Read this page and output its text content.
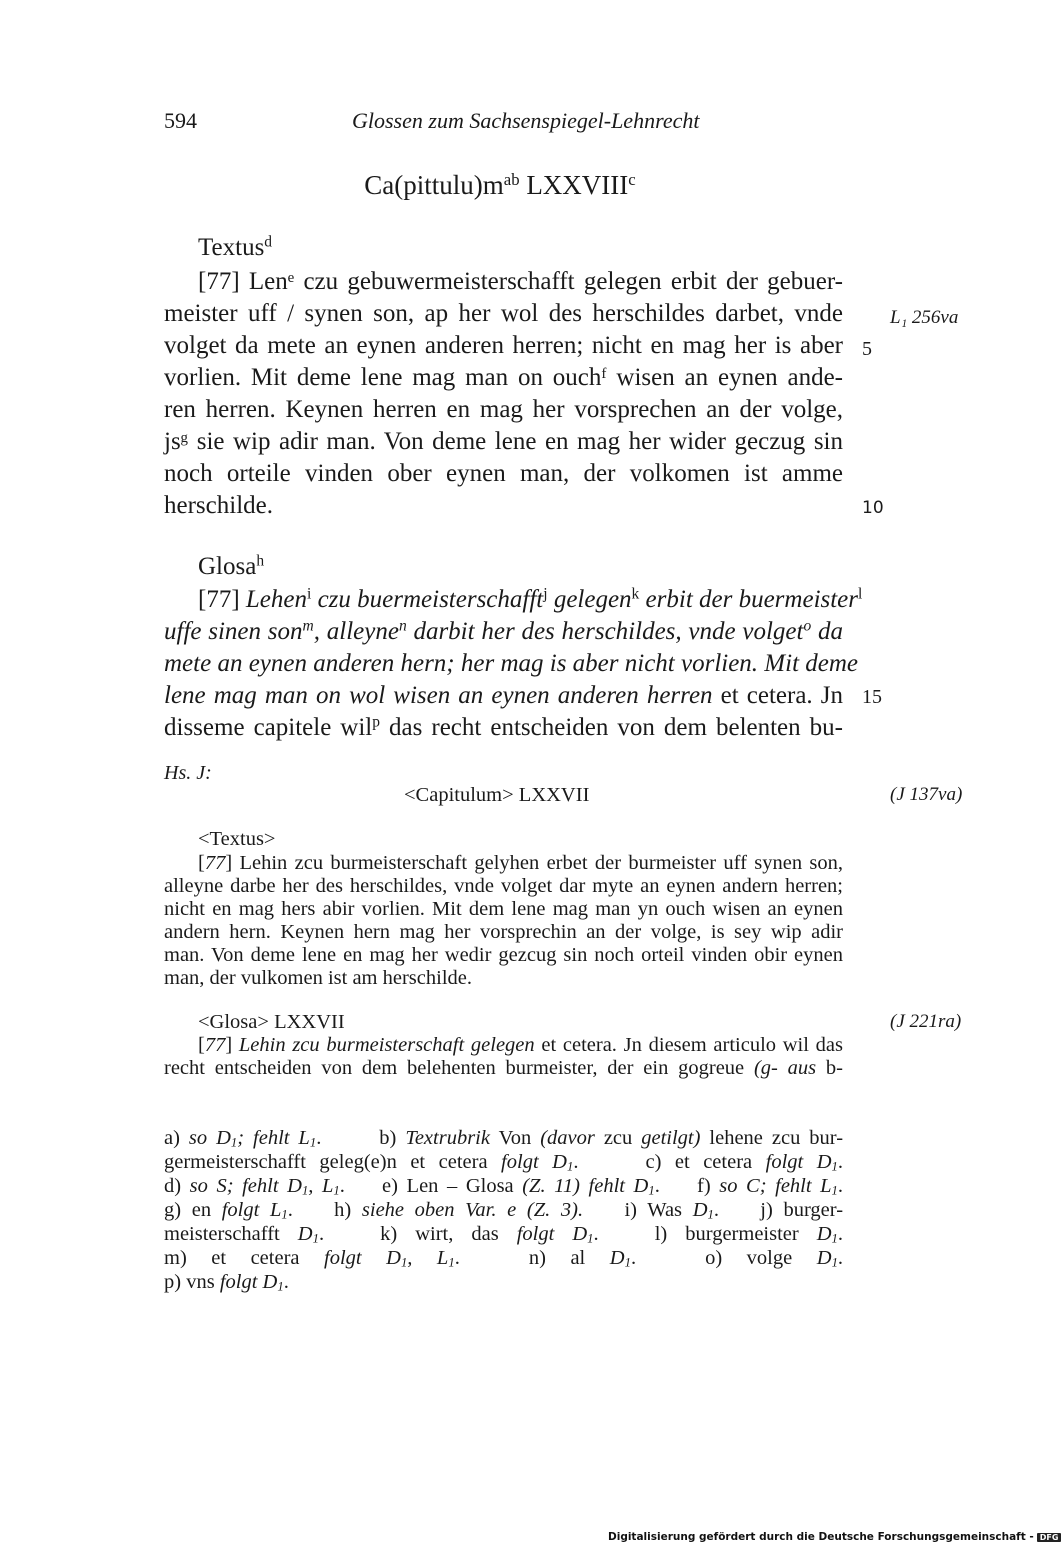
594	Glossen zum Sachsenspiegel-Lehnrecht
$Ca(pittulu)m^{ab}$ LXXVIII$^c$
Textus$^d$
[77] Lenᵉ czu gebuwermeisterschafft gelegen erbit der gebuer-
meister uff / synen son, ap her wol des herschildes darbet, vnde
volget da mete an eynen anderen herren; nicht en mag her is aber
vorlien. Mit deme lene mag man on ouchᶠ wisen an eynen ande-
ren herren. Keynen herren en mag her vorsprechen an der volge,
jsᵍ sie wip adir man. Von deme lene en mag her wider geczug sin
noch orteile vinden ober eynen man, der volkomen ist amme
herschilde.
L₁ 256va
5
10
Glosa$^h$
[77] Lehen$^i$ czu buermeisterschafft$^j$ gelegen$^k$ erbit der buermeister$^l$
uffe sinen son$^m$, alleyne$^n$ darbit her des herschildes, vnde volget$^o$ da
mete an eynen anderen hern; her mag is aber nicht vorlien. Mit deme
lene mag man on wol wisen an eynen anderen herren et cetera. Jn
disseme capitele wil$^p$ das recht entscheiden von dem belenten bu-
15
Hs. J:
<Capitulum> LXXVII	(J 137va)
<Textus>
[77] Lehin zcu burmeisterschaft gelyhen erbet der burmeister uff synen son,
alleyne darbe her des herschildes, vnde volget dar myte an eynen andern herren;
nicht en mag hers abir vorlien. Mit dem lene mag man yn ouch wisen an eynen
andern hern. Keynen hern mag her vorsprechin an der volge, is sey wip adir
man. Von deme lene en mag her wedir gezcug sin noch orteil vinden obir eynen
man, der vulkomen ist am herschilde.
<Glosa> LXXVII	(J 221ra)
[77] Lehin zcu burmeisterschaft gelegen et cetera. Jn diesem articulo wil das
recht entscheiden von dem belehenten burmeister, der ein gogreue (g- aus b-
a) so $D_1$; fehlt $L_1$.	b) Textrubrik Von (davor zcu getilgt) lehene zcu bur-
germeisterschafft geleg(e)n et cetera folgt $D_1$.	c) et cetera folgt $D_1$.
d) so S; fehlt $D_1$, $L_1$. e) Len – Glosa (Z. 11) fehlt $D_1$. f) so C; fehlt $L_1$.
g) en folgt $L_1$. h) siehe oben Var. e (Z. 3). i) Was $D_1$. j) burger-
meisterschafft $D_1$.	k) wirt, das folgt $D_1$.	l) burgermeister $D_1$.
m) et cetera folgt $D_1$, $L_1$.	n) al $D_1$.	o) volge $D_1$.
p) vns folgt $D_1$.
Digitalisierung gefördert durch die Deutsche Forschungsgemeinschaft - DFG
